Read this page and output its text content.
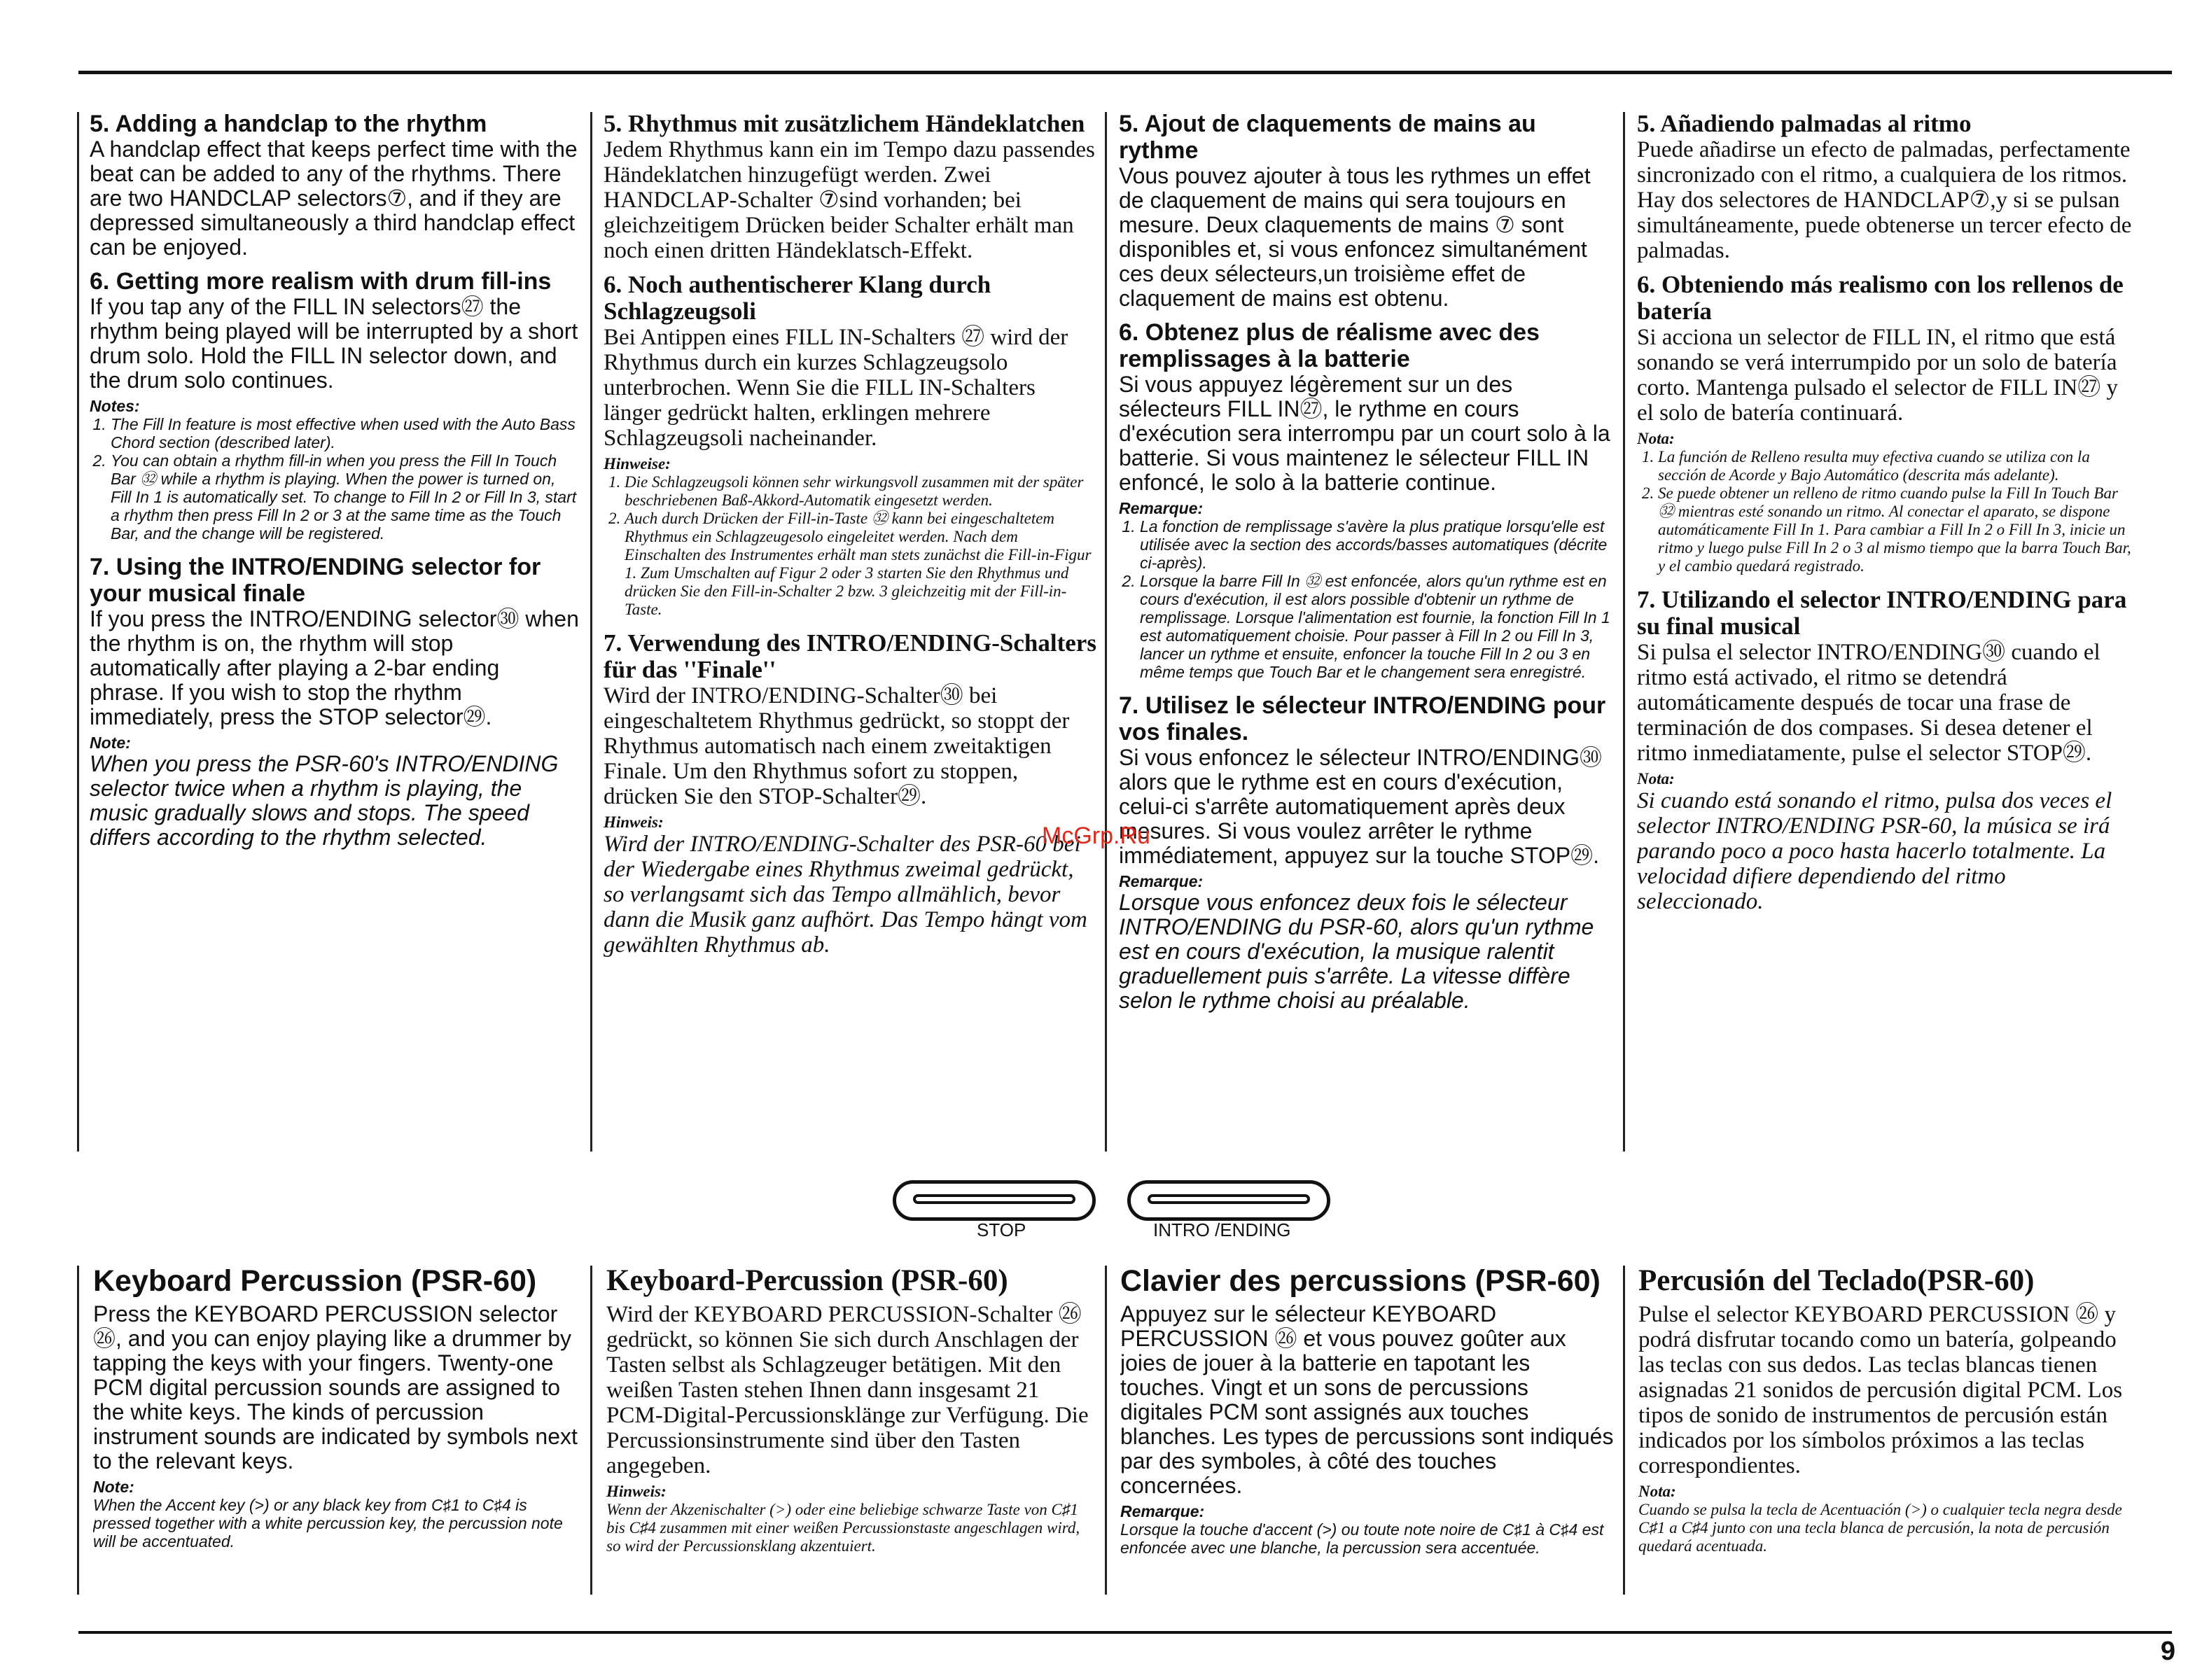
5. Adding a handclap to the rhythm

A handclap effect that keeps perfect time with the beat can be added to any of the rhythms. There are two HANDCLAP selectors⑦, and if they are depressed simultaneously a third handclap effect can be enjoyed.

6. Getting more realism with drum fill-ins

If you tap any of the FILL IN selectors㉗ the rhythm being played will be interrupted by a short drum solo. Hold the FILL IN selector down, and the drum solo continues.

Notes:
1. The Fill In feature is most effective when used with the Auto Bass Chord section (described later).
2. You can obtain a rhythm fill-in when you press the Fill In Touch Bar ㉜ while a rhythm is playing. When the power is turned on, Fill In 1 is automatically set. To change to Fill In 2 or Fill In 3, start a rhythm then press Fill In 2 or 3 at the same time as the Touch Bar, and the change will be registered.
7. Using the INTRO/ENDING selector for your musical finale

If you press the INTRO/ENDING selector㉚ when the rhythm is on, the rhythm will stop automatically after playing a 2-bar ending phrase. If you wish to stop the rhythm immediately, press the STOP selector㉙.

Note:

When you press the PSR-60's INTRO/ENDING selector twice when a rhythm is playing, the music gradually slows and stops. The speed differs according to the rhythm selected.

5. Rhythmus mit zusätzlichem Händeklatchen

Jedem Rhythmus kann ein im Tempo dazu passendes Händeklatchen hinzugefügt werden. Zwei HANDCLAP-Schalter ⑦sind vorhanden; bei gleichzeitigem Drücken beider Schalter erhält man noch einen dritten Händeklatsch-Effekt.

6. Noch authentischerer Klang durch Schlagzeugsoli

Bei Antippen eines FILL IN-Schalters ㉗ wird der Rhythmus durch ein kurzes Schlagzeugsolo unterbrochen. Wenn Sie die FILL IN-Schalters länger gedrückt halten, erklingen mehrere Schlagzeugsoli nacheinander.

Hinweise:
1. Die Schlagzeugsoli können sehr wirkungsvoll zusammen mit der später beschriebenen Baß-Akkord-Automatik eingesetzt werden.
2. Auch durch Drücken der Fill-in-Taste ㉜ kann bei eingeschaltetem Rhythmus ein Schlagzeugesolo eingeleitet werden. Nach dem Einschalten des Instrumentes erhält man stets zunächst die Fill-in-Figur 1. Zum Umschalten auf Figur 2 oder 3 starten Sie den Rhythmus und drücken Sie den Fill-in-Schalter 2 bzw. 3 gleichzeitig mit der Fill-in-Taste.
7. Verwendung des INTRO/ENDING-Schalters für das ''Finale''

Wird der INTRO/ENDING-Schalter㉚ bei eingeschaltetem Rhythmus gedrückt, so stoppt der Rhythmus automatisch nach einem zweitaktigen Finale. Um den Rhythmus sofort zu stoppen, drücken Sie den STOP-Schalter㉙.

Hinweis:

Wird der INTRO/ENDING-Schalter des PSR-60 bei der Wiedergabe eines Rhythmus zweimal gedrückt, so verlangsamt sich das Tempo allmählich, bevor dann die Musik ganz aufhört. Das Tempo hängt vom gewählten Rhythmus ab.

5. Ajout de claquements de mains au rythme

Vous pouvez ajouter à tous les rythmes un effet de claquement de mains qui sera toujours en mesure. Deux claquements de mains ⑦ sont disponibles et, si vous enfoncez simultanément ces deux sélecteurs,un troisième effet de claquement de mains est obtenu.

6. Obtenez plus de réalisme avec des remplissages à la batterie

Si vous appuyez légèrement sur un des sélecteurs FILL IN㉗, le rythme en cours d'exécution sera interrompu par un court solo à la batterie. Si vous maintenez le sélecteur FILL IN enfoncé, le solo à la batterie continue.

Remarque:
1. La fonction de remplissage s'avère la plus pratique lorsqu'elle est utilisée avec la section des accords/basses automatiques (décrite ci-après).
2. Lorsque la barre Fill In ㉜ est enfoncée, alors qu'un rythme est en cours d'exécution, il est alors possible d'obtenir un rythme de remplissage. Lorsque l'alimentation est fournie, la fonction Fill In 1 est automatiquement choisie. Pour passer à Fill In 2 ou Fill In 3, lancer un rythme et ensuite, enfoncer la touche Fill In 2 ou 3 en même temps que Touch Bar et le changement sera enregistré.
7. Utilisez le sélecteur INTRO/ENDING pour vos finales.

Si vous enfoncez le sélecteur INTRO/ENDING㉚ alors que le rythme est en cours d'exécution, celui-ci s'arrête automatiquement après deux mesures. Si vous voulez arrêter le rythme immédiatement, appuyez sur la touche STOP㉙.

Remarque:

Lorsque vous enfoncez deux fois le sélecteur INTRO/ENDING du PSR-60, alors qu'un rythme est en cours d'exécution, la musique ralentit graduellement puis s'arrête. La vitesse diffère selon le rythme choisi au préalable.

5. Añadiendo palmadas al ritmo

Puede añadirse un efecto de palmadas, perfectamente sincronizado con el ritmo, a cualquiera de los ritmos. Hay dos selectores de HANDCLAP⑦,y si se pulsan simultáneamente, puede obtenerse un tercer efecto de palmadas.

6. Obteniendo más realismo con los rellenos de batería

Si acciona un selector de FILL IN, el ritmo que está sonando se verá interrumpido por un solo de batería corto. Mantenga pulsado el selector de FILL IN㉗ y el solo de batería continuará.

Nota:
1. La función de Relleno resulta muy efectiva cuando se utiliza con la sección de Acorde y Bajo Automático (descrita más adelante).
2. Se puede obtener un relleno de ritmo cuando pulse la Fill In Touch Bar ㉜ mientras esté sonando un ritmo. Al conectar el aparato, se dispone automáticamente Fill In 1. Para cambiar a Fill In 2 o Fill In 3, inicie un ritmo y luego pulse Fill In 2 o 3 al mismo tiempo que la barra Touch Bar, y el cambio quedará registrado.
7. Utilizando el selector INTRO/ENDING para su final musical

Si pulsa el selector INTRO/ENDING㉚ cuando el ritmo está activado, el ritmo se detendrá automáticamente después de tocar una frase de terminación de dos compases. Si desea detener el ritmo inmediatamente, pulse el selector STOP㉙.

Nota:

Si cuando está sonando el ritmo, pulsa dos veces el selector INTRO/ENDING PSR-60, la música se irá parando poco a poco hasta hacerlo totalmente. La velocidad difiere dependiendo del ritmo seleccionado.

STOP	INTRO /ENDING
Keyboard Percussion (PSR-60)

Press the KEYBOARD PERCUSSION selector ㉖, and you can enjoy playing like a drummer by tapping the keys with your fingers. Twenty-one PCM digital percussion sounds are assigned to the white keys. The kinds of percussion instrument sounds are indicated by symbols next to the relevant keys.

Note:

When the Accent key (>) or any black key from C♯1 to C♯4 is pressed together with a white percussion key, the percussion note will be accentuated.

Keyboard-Percussion (PSR-60)

Wird der KEYBOARD PERCUSSION-Schalter ㉖ gedrückt, so können Sie sich durch Anschlagen der Tasten selbst als Schlagzeuger betätigen. Mit den weißen Tasten stehen Ihnen dann insgesamt 21 PCM-Digital-Percussionsklänge zur Verfügung. Die Percussionsinstrumente sind über den Tasten angegeben.

Hinweis:

Wenn der Akzenischalter (>) oder eine beliebige schwarze Taste von C♯1 bis C♯4 zusammen mit einer weißen Percussionstaste angeschlagen wird, so wird der Percussionsklang akzentuiert.

Clavier des percussions (PSR-60)

Appuyez sur le sélecteur KEYBOARD PERCUSSION ㉖ et vous pouvez goûter aux joies de jouer à la batterie en tapotant les touches. Vingt et un sons de percussions digitales PCM sont assignés aux touches blanches. Les types de percussions sont indiqués par des symboles, à côté des touches concernées.

Remarque:

Lorsque la touche d'accent (>) ou toute note noire de C♯1 à C♯4 est enfoncée avec une blanche, la percussion sera accentuée.

Percusión del Teclado(PSR-60)

Pulse el selector KEYBOARD PERCUSSION ㉖ y podrá disfrutar tocando como un batería, golpeando las teclas con sus dedos. Las teclas blancas tienen asignadas 21 sonidos de percusión digital PCM. Los tipos de sonido de instrumentos de percusión están indicados por los símbolos próximos a las teclas correspondientes.

Nota:

Cuando se pulsa la tecla de Acentuación (>) o cualquier tecla negra desde C♯1 a C♯4 junto con una tecla blanca de percusión, la nota de percusión quedará acentuada.

McGrp.Ru
9
